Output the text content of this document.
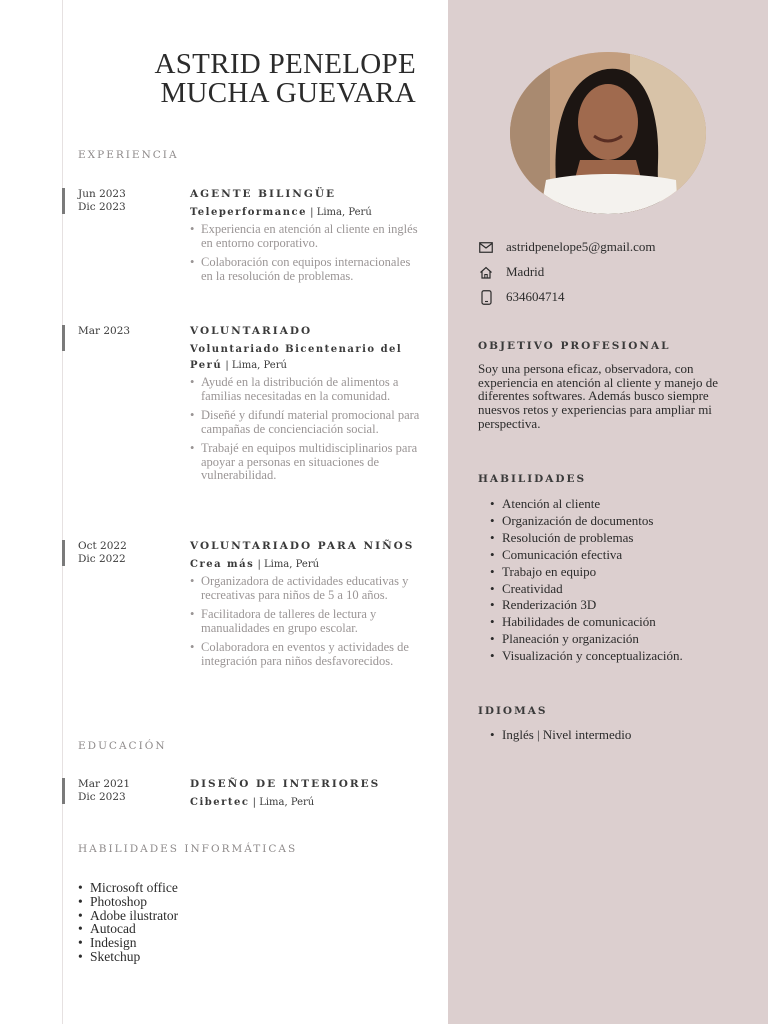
ASTRID PENELOPE
MUCHA GUEVARA
EXPERIENCIA
Jun 2023
Dic 2023
AGENTE BILINGÜE
Teleperformance | Lima, Perú
• Experiencia en atención al cliente en inglés en entorno corporativo.
• Colaboración con equipos internacionales en la resolución de problemas.
Mar 2023	VOLUNTARIADO
Voluntariado Bicentenario del Perú | Lima, Perú
• Ayudé en la distribución de alimentos a familias necesitadas en la comunidad.
• Diseñé y difundí material promocional para campañas de concienciación social.
• Trabajé en equipos multidisciplinarios para apoyar a personas en situaciones de vulnerabilidad.
Oct 2022
Dic 2022
VOLUNTARIADO PARA NIÑOS
Crea más | Lima, Perú
• Organizadora de actividades educativas y recreativas para niños de 5 a 10 años.
• Facilitadora de talleres de lectura y manualidades en grupo escolar.
• Colaboradora en eventos y actividades de integración para niños desfavorecidos.
EDUCACIÓN
Mar 2021
Dic 2023
DISEÑO DE INTERIORES
Cibertec | Lima, Perú
HABILIDADES INFORMÁTICAS
• Microsoft office
• Photoshop
• Adobe ilustrator
• Autocad
• Indesign
• Sketchup
astridpenelope5@gmail.com
Madrid
634604714
OBJETIVO PROFESIONAL
Soy una persona eficaz, observadora, con experiencia en atención al cliente y manejo de diferentes softwares. Además busco siempre nuesvos retos y experiencias para ampliar mi perspectiva.
HABILIDADES
• Atención al cliente
• Organización de documentos
• Resolución de problemas
• Comunicación efectiva
• Trabajo en equipo
• Creatividad
• Renderización 3D
• Habilidades de comunicación
• Planeación y organización
• Visualización y conceptualización.
IDIOMAS
• Inglés | Nivel intermedio
